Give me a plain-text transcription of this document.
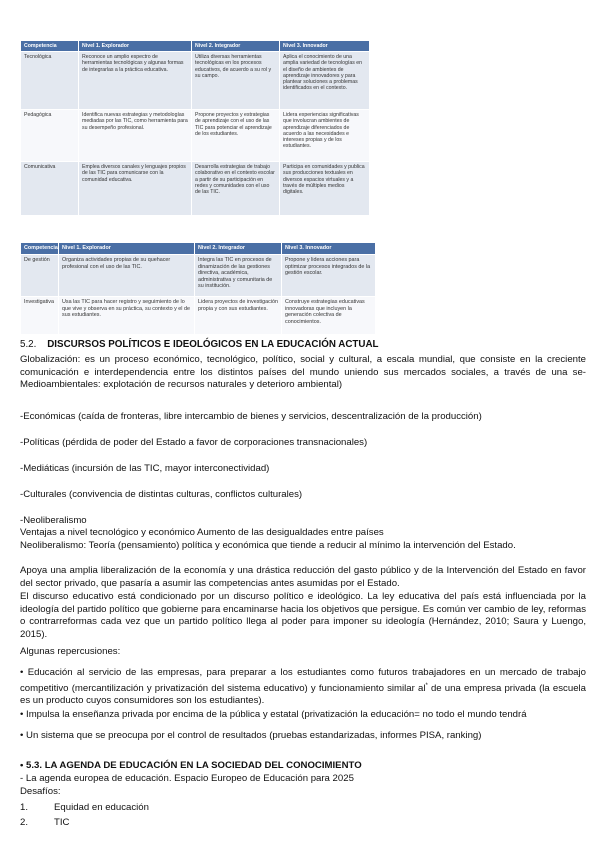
Competencia	Nivel 1. Explorador	Nivel 2. Integrador	Nivel 3. Innovador
Tecnológica	Reconoce un amplio espectro de herramientas tecnológicas y algunas formas de integrarlas a la práctica educativa.	Utiliza diversas herramientas tecnológicas en los procesos educativos, de acuerdo a su rol y su campo.	Aplica el conocimiento de una amplia variedad de tecnologías en el diseño de ambientes de aprendizaje innovadores y para plantear soluciones a problemas identificados en el contexto.
Pedagógica	Identifica nuevas estrategias y metodologías mediadas por las TIC, como herramienta para su desempeño profesional.	Propone proyectos y estrategias de aprendizaje con el uso de las TIC para potenciar el aprendizaje de los estudiantes.	Lidera experiencias significativas que involucran ambientes de aprendizaje diferenciados de acuerdo a las necesidades e intereses propias y de los estudiantes.
Comunicativa	Emplea diversos canales y lenguajes propios de las TIC para comunicarse con la comunidad educativa.	Desarrolla estrategias de trabajo colaborativo en el contexto escolar a partir de su participación en redes y comunidades con el uso de las TIC.	Participa en comunidades y publica sus producciones textuales en diversos espacios virtuales y a través de múltiples medios digitales.
Competencia	Nivel 1. Explorador	Nivel 2. Integrador	Nivel 3. Innovador
De gestión	Organiza actividades propias de su quehacer profesional con el uso de las TIC.	Integra las TIC en procesos de dinamización de las gestiones directiva, académica, administrativa y comunitaria de su institución.	Propone y lidera acciones para optimizar procesos integrados de la gestión escolar.
Investigativa	Usa las TIC para hacer registro y seguimiento de lo que vive y observa en su práctica, su contexto y el de sus estudiantes.	Lidera proyectos de investigación propia y con sus estudiantes.	Construye estrategias educativas innovadoras que incluyen la generación colectiva de conocimientos.
5.2. DISCURSOS POLÍTICOS E IDEOLÓGICOS EN LA EDUCACIÓN ACTUAL
Globalización: es un proceso económico, tecnológico, político, social y cultural, a escala mundial, que consiste en la creciente comunicación e interdependencia entre los distintos países del mundo uniendo sus mercados sociales, a través de una se-Medioambientales: explotación de recursos naturales y deterioro ambiental)
-Económicas (caída de fronteras, libre intercambio de bienes y servicios, descentralización de la producción)
-Políticas (pérdida de poder del Estado a favor de corporaciones transnacionales)
-Mediáticas (incursión de las TIC, mayor interconectividad)
-Culturales (convivencia de distintas culturas, conflictos culturales)
-Neoliberalismo
Ventajas a nivel tecnológico y económico Aumento de las desigualdades entre países
Neoliberalismo: Teoría (pensamiento) política y económica que tiende a reducir al mínimo la intervención del Estado.
Apoya una amplia liberalización de la economía y una drástica reducción del gasto público y de la Intervención del Estado en favor del sector privado, que pasaría a asumir las competencias antes asumidas por el Estado.
El discurso educativo está condicionado por un discurso político e ideológico. La ley educativa del país está influenciada por la ideología del partido político que gobierne para encaminarse hacia los objetivos que persigue. Es común ver cambio de ley, reformas o contrarreformas cada vez que un partido político llega al poder para imponer su ideología (Hernández, 2010; Saura y Luengo, 2015).
Algunas repercusiones:
• Educación al servicio de las empresas, para preparar a los estudiantes como futuros trabajadores en un mercado de trabajo competitivo (mercantilización y privatización del sistema educativo) y funcionamiento similar al* de una empresa privada (la escuela es un producto cuyos consumidores son los estudiantes).
• Impulsa la enseñanza privada por encima de la pública y estatal (privatización la educación= no todo el mundo tendrá
• Un sistema que se preocupa por el control de resultados (pruebas estandarizadas, informes PISA, ranking)
• 5.3. LA AGENDA DE EDUCACIÓN EN LA SOCIEDAD DEL CONOCIMIENTO
- La agenda europea de educación. Espacio Europeo de Educación para 2025
Desafíos:
1.	Equidad en educación
2.	TIC
